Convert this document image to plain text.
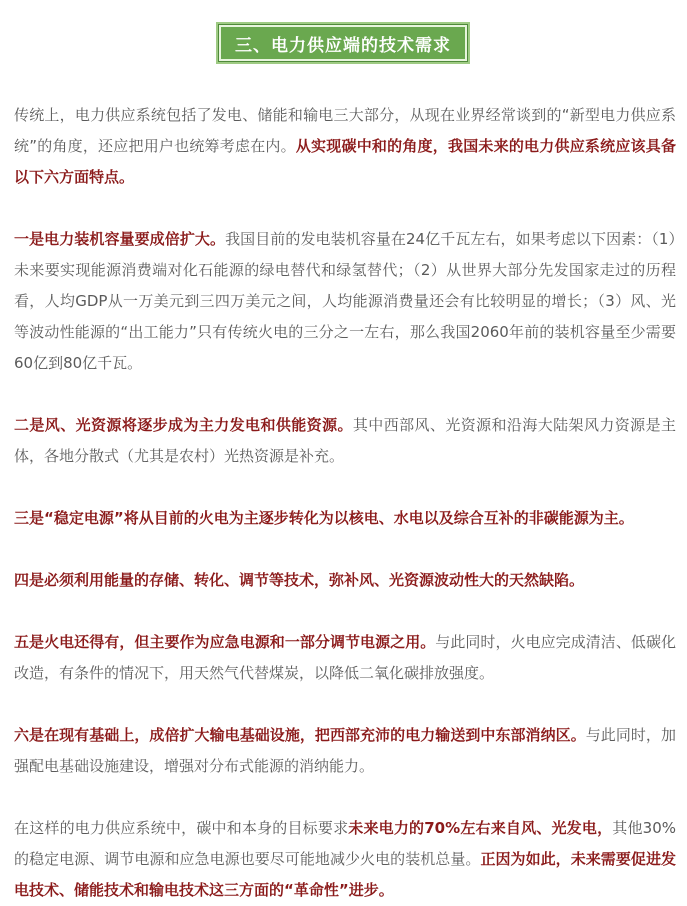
三、电力供应端的技术需求

传统上，电力供应系统包括了发电、储能和输电三大部分，从现在业界经常谈到的“新型电力供应系统”的角度，还应把用户也统筹考虑在内。从实现碳中和的角度，我国未来的电力供应系统应该具备以下六方面特点。

一是电力装机容量要成倍扩大。我国目前的发电装机容量在24亿千瓦左右，如果考虑以下因素：（1）未来要实现能源消费端对化石能源的绿电替代和绿氢替代；（2）从世界大部分先发国家走过的历程看，人均GDP从一万美元到三四万美元之间，人均能源消费量还会有比较明显的增长；（3）风、光等波动性能源的“出工能力”只有传统火电的三分之一左右，那么我国2060年前的装机容量至少需要60亿到80亿千瓦。

二是风、光资源将逐步成为主力发电和供能资源。其中西部风、光资源和沿海大陆架风力资源是主体，各地分散式（尤其是农村）光热资源是补充。

三是“稳定电源”将从目前的火电为主逐步转化为以核电、水电以及综合互补的非碳能源为主。

四是必须利用能量的存储、转化、调节等技术，弥补风、光资源波动性大的天然缺陷。

五是火电还得有，但主要作为应急电源和一部分调节电源之用。与此同时，火电应完成清洁、低碳化改造，有条件的情况下，用天然气代替煤炭，以降低二氧化碳排放强度。

六是在现有基础上，成倍扩大输电基础设施，把西部充沛的电力输送到中东部消纳区。与此同时，加强配电基础设施建设，增强对分布式能源的消纳能力。

在这样的电力供应系统中，碳中和本身的目标要求未来电力的70%左右来自风、光发电，其他30%的稳定电源、调节电源和应急电源也要尽可能地减少火电的装机总量。正因为如此，未来需要促进发电技术、储能技术和输电技术这三方面的“革命性”进步。
